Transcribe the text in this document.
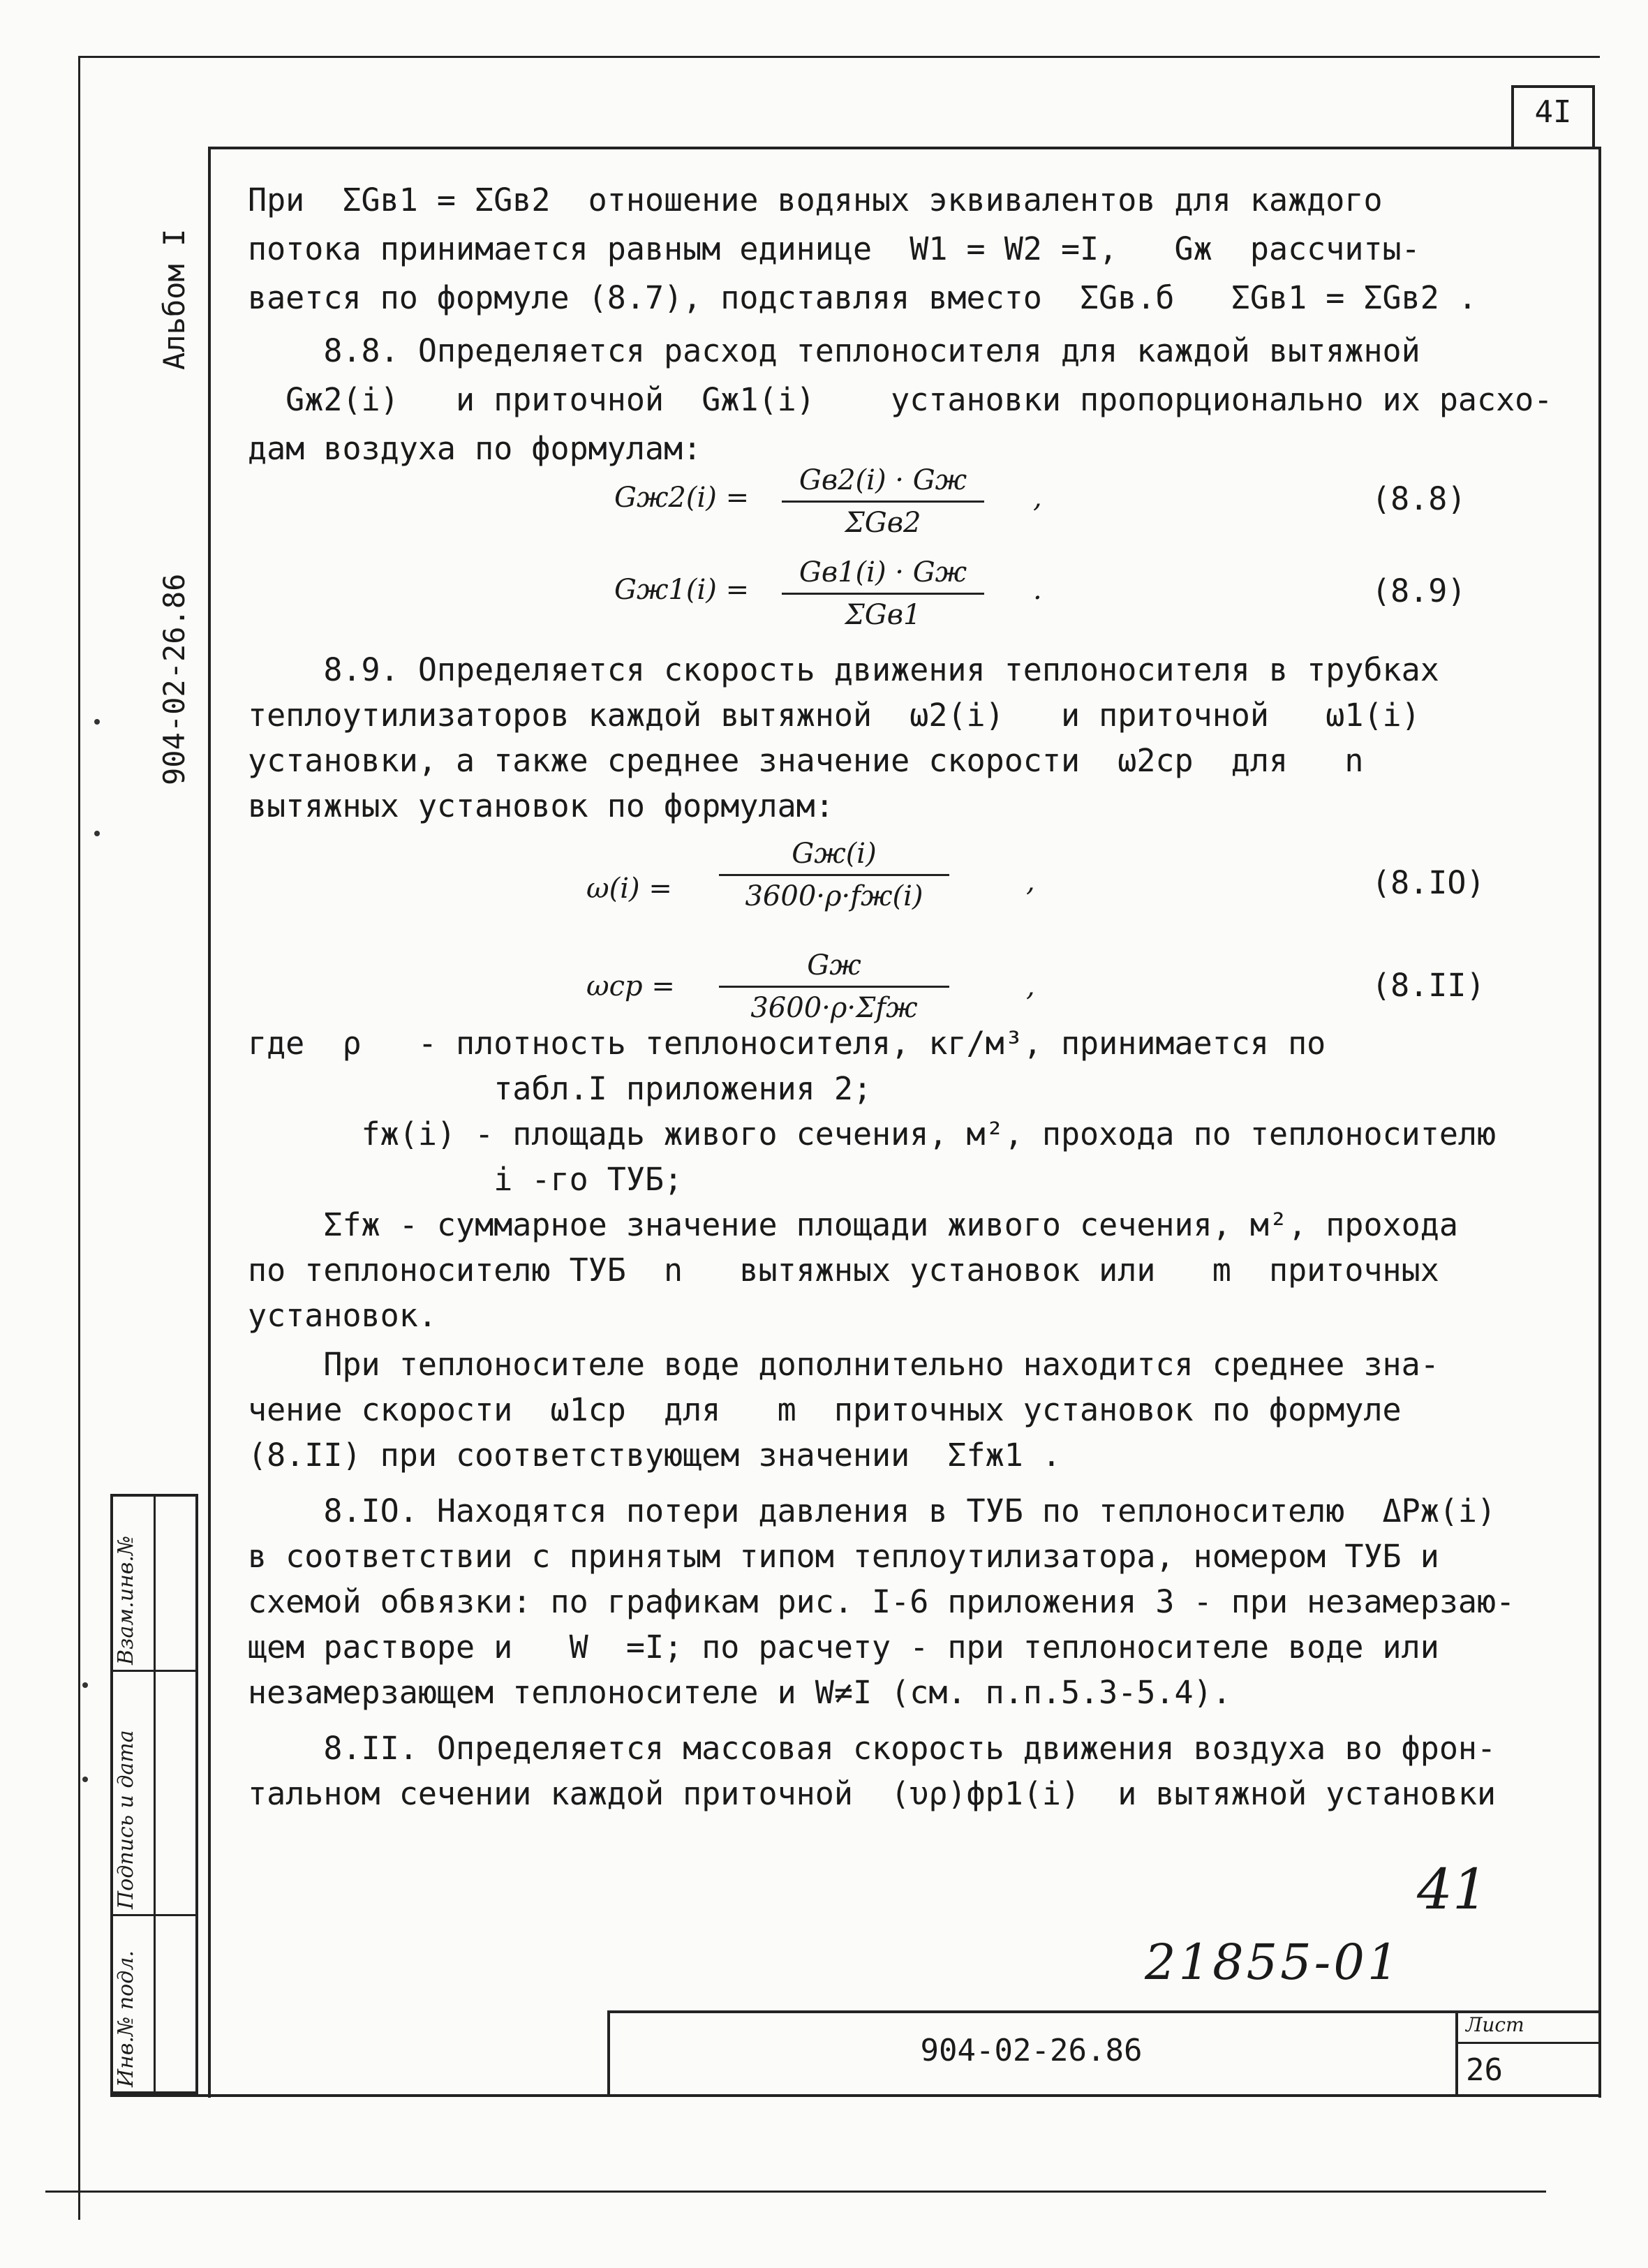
4I
Инв.№ подл.
Подпись и дата
Взам.инв.№
Альбом I
904-02-26.86
При  ΣGв1 = ΣGв2  отношение водяных эквивалентов для каждого
потока принимается равным единице  W1 = W2 =I,   Gж  рассчиты-
вается по формуле (8.7), подставляя вместо  ΣGв.б   ΣGв1 = ΣGв2 .
8.8. Определяется расход теплоносителя для каждой вытяжной
Gж2(i)   и приточной  Gж1(i)    установки пропорционально их расхо-
дам воздуха по формулам:
Gж2(i) =
Gв2(i) · Gж
ΣGв2
,	(8.8)
Gж1(i) =
Gв1(i) · Gж
ΣGв1
.	(8.9)
8.9. Определяется скорость движения теплоносителя в трубках
теплоутилизаторов каждой вытяжной  ω2(i)   и приточной   ω1(i)
установки, а также среднее значение скорости  ω2ср  для   n
вытяжных установок по формулам:
ω(i) =
Gж(i)
3600·ρ·fж(i)	,	(8.IO)
ωср =
Gж
3600·ρ·Σfж
,	(8.II)
где  ρ   - плотность теплоносителя, кг/м³, принимается по
табл.I приложения 2;
fж(i) - площадь живого сечения, м², прохода по теплоносителю
i -го ТУБ;
Σfж - суммарное значение площади живого сечения, м², прохода
по теплоносителю ТУБ  n   вытяжных установок или   m  приточных
установок.
При теплоносителе воде дополнительно находится среднее зна-
чение скорости  ω1ср  для   m  приточных установок по формуле
(8.II) при соответствующем значении  Σfж1 .
8.IO. Находятся потери давления в ТУБ по теплоносителю  ΔPж(i)
в соответствии с принятым типом теплоутилизатора, номером ТУБ и
схемой обвязки: по графикам рис. I-6 приложения 3 - при незамерзаю-
щем растворе и   W  =I; по расчету - при теплоносителе воде или
незамерзающем теплоносителе и W≠I (см. п.п.5.3-5.4).
8.II. Определяется массовая скорость движения воздуха во фрон-
тальном сечении каждой приточной  (υρ)фр1(i)  и вытяжной установки
41
21855-01
904-02-26.86
Лист
26
